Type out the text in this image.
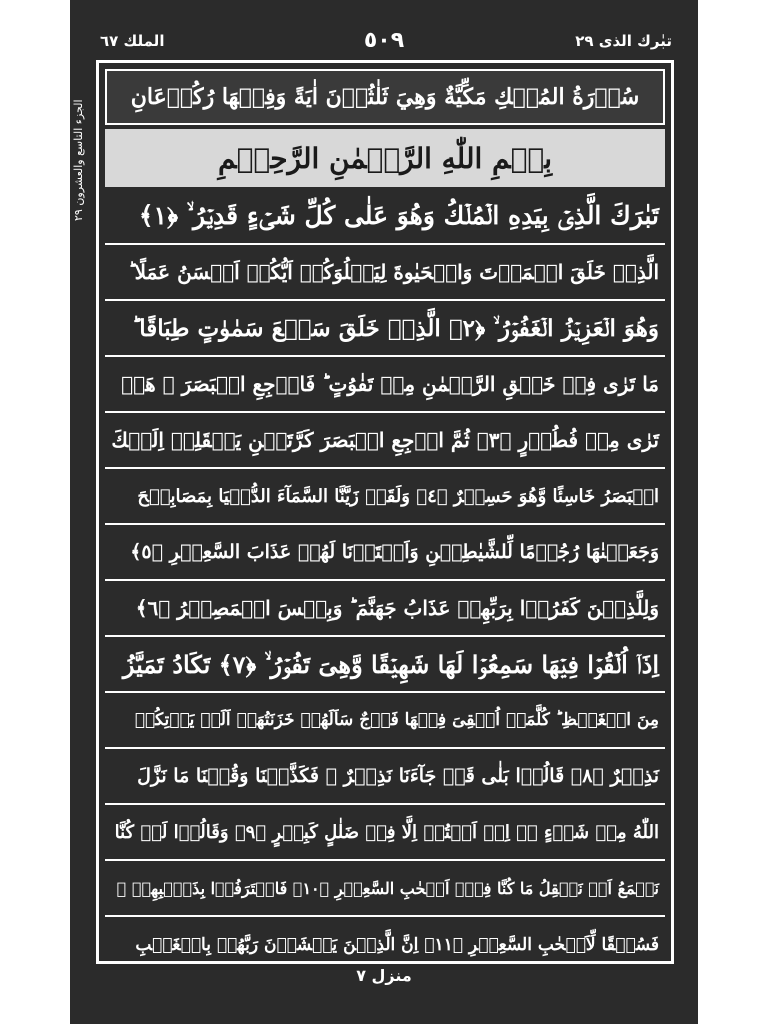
تبٰرك الذى ٢٩
٥٠٩
الملك ٦٧
الجزء التاسع والعشرون ٢٩
سُوۡرَةُ المُلۡكِ مَكِّيَّةٌ وَهِيَ ثَلٰثُوۡنَ اٰيَةً وَفِيۡهَا رُكُوۡعَانِ
بِسۡمِ اللّٰهِ الرَّحۡمٰنِ الرَّحِيۡمِ
تَبٰرَكَ الَّذِىۡ بِيَدِهِ الۡمُلۡكُ وَهُوَ عَلٰى كُلِّ شَىۡءٍ قَدِيۡرُ ۙ ﴿١﴾
الَّذِىۡ خَلَقَ الۡمَوۡتَ وَالۡحَيٰوةَ لِيَبۡلُوَكُمۡ اَيُّكُمۡ اَحۡسَنُ عَمَلًا ؕ
وَهُوَ الۡعَزِيۡزُ الۡغَفُوۡرُ ۙ ﴿٢﴾ الَّذِىۡ خَلَقَ سَبۡعَ سَمٰوٰتٍ طِبَاقًا ؕ
مَا تَرٰى فِىۡ خَلۡقِ الرَّحۡمٰنِ مِنۡ تَفٰوُتٍ ؕ فَارۡجِعِ الۡبَصَرَ ۙ هَلۡ
تَرٰى مِنۡ فُطُوۡرٍ ﴿٣﴾ ثُمَّ ارۡجِعِ الۡبَصَرَ كَرَّتَيۡنِ يَنۡقَلِبۡ اِلَيۡكَ
الۡبَصَرُ خَاسِئًا وَّهُوَ حَسِيۡرٌ ﴿٤﴾ وَلَقَدۡ زَيَّنَّا السَّمَآءَ الدُّنۡيَا بِمَصَابِيۡحَ
وَجَعَلۡنٰهَا رُجُوۡمًا لِّلشَّيٰطِيۡنِ وَاَعۡتَدۡنَا لَهُمۡ عَذَابَ السَّعِيۡرِ ﴿٥﴾
وَلِلَّذِيۡنَ كَفَرُوۡا بِرَبِّهِمۡ عَذَابُ جَهَنَّمَ ؕ وَبِئۡسَ الۡمَصِيۡرُ ﴿٦﴾
اِذَاۤ اُلۡقُوۡا فِيۡهَا سَمِعُوۡا لَهَا شَهِيۡقًا وَّهِىَ تَفُوۡرُ ۙ ﴿٧﴾ تَكَادُ تَمَيَّزُ
مِنَ الۡغَيۡظِ ؕ كُلَّمَاۤ اُلۡقِىَ فِيۡهَا فَوۡجٌ سَاَلَهُمۡ خَزَنَتُهَاۤ اَلَمۡ يَاۡتِكُمۡ
نَذِيۡرٌ ﴿٨﴾ قَالُوۡا بَلٰى قَدۡ جَآءَنَا نَذِيۡرٌ ۙ فَكَذَّبۡنَا وَقُلۡنَا مَا نَزَّلَ
اللّٰهُ مِنۡ شَىۡءٍ ۖۚ اِنۡ اَنۡتُمۡ اِلَّا فِىۡ ضَلٰلٍ كَبِيۡرٍ ﴿٩﴾ وَقَالُوۡا لَوۡ كُنَّا
نَسۡمَعُ اَوۡ نَعۡقِلُ مَا كُنَّا فِىۡۤ اَصۡحٰبِ السَّعِيۡرِ ﴿١٠﴾ فَاعۡتَرَفُوۡا بِذَنۡۢبِهِمۡ ۚ
فَسُحۡقًا لِّاَصۡحٰبِ السَّعِيۡرِ ﴿١١﴾ اِنَّ الَّذِيۡنَ يَخۡشَوۡنَ رَبَّهُمۡ بِالۡغَيۡبِ
منزل ٧
